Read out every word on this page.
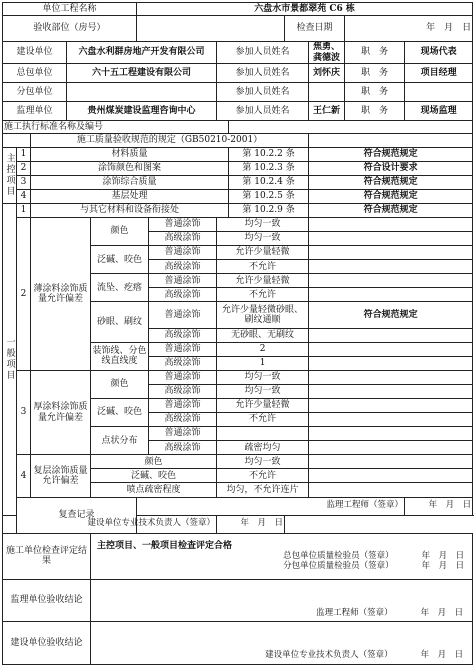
单位工程名称					六盘水市景都翠苑 C6 栋							
验收部位（房号）									检查日期		年　月　日	
建设单位			六盘水利群房地产开发有限公司				参加人员姓名			焦勇、龚德波	职　务	现场代表
总包单位			六十五工程建设有限公司				参加人员姓名			刘怀庆	职　务	项目经理
分包单位							参加人员姓名				职　务	
监理单位			贵州煤炭建设监理咨询中心				参加人员姓名			王仁新	职　务	现场监理
施工执行标准名称及编号												
		施工质量验收规范的规定（GB50210-2001）										
主控项目	1	材料质量						第 10.2.2 条		符合规范规定		
	2	涂饰颜色和图案						第 10.2.3 条		符合设计要求		
	3	涂饰综合质量						第 10.2.4 条		符合规范规定		
	4	基层处理						第 10.2.5 条		符合规范规定		
一般项目	1	与其它材料和设备衔接处						第 10.2.9 条		符合规范规定		
	2	薄涂料涂饰质量允许偏差		颜色		普通涂饰	均匀一致					
						高级涂饰	均匀一致					
				泛碱、咬色		普通涂饰	允许少量轻微					
						高级涂饰	不允许					
				流坠、疙瘩		普通涂饰	允许少量轻微					
						高级涂饰	不允许					
				砂眼、刷纹		普通涂饰	允许少量轻微砂眼、刷纹通顺			符合规范规定		
						高级涂饰	无砂眼、无刷纹					
				装饰线、分色线直线度		普通涂饰	2					
						高级涂饰	1					
	3	厚涂料涂饰质量允许偏差		颜色		普通涂饰	均匀一致					
						高级涂饰	均匀一致					
				泛碱、咬色		普通涂饰	允许少量轻微					
						高级涂饰	不允许					
				点状分布		普通涂饰						
						高级涂饰	疏密均匀					
	4	复层涂饰质量允许偏差		颜色			均匀一致					
				泛碱、咬色			不允许					
				喷点疏密程度			均匀，不允许连片					
	复查记录				监理工程师（签章）							年　月　日
建设单位专业技术负责人（签章）							年　月　日					
施工单位检查评定结果				主控项目、一般项目检查评定合格
总包单位质量检验员（签章） 年　月　日
分包单位质量检验员（签章） 年　月　日								

监理单位验收结论				监理工程师（签章） 年　月　日								

建设单位验收结论				建设单位专业技术负责人（签章） 年　月　日								
